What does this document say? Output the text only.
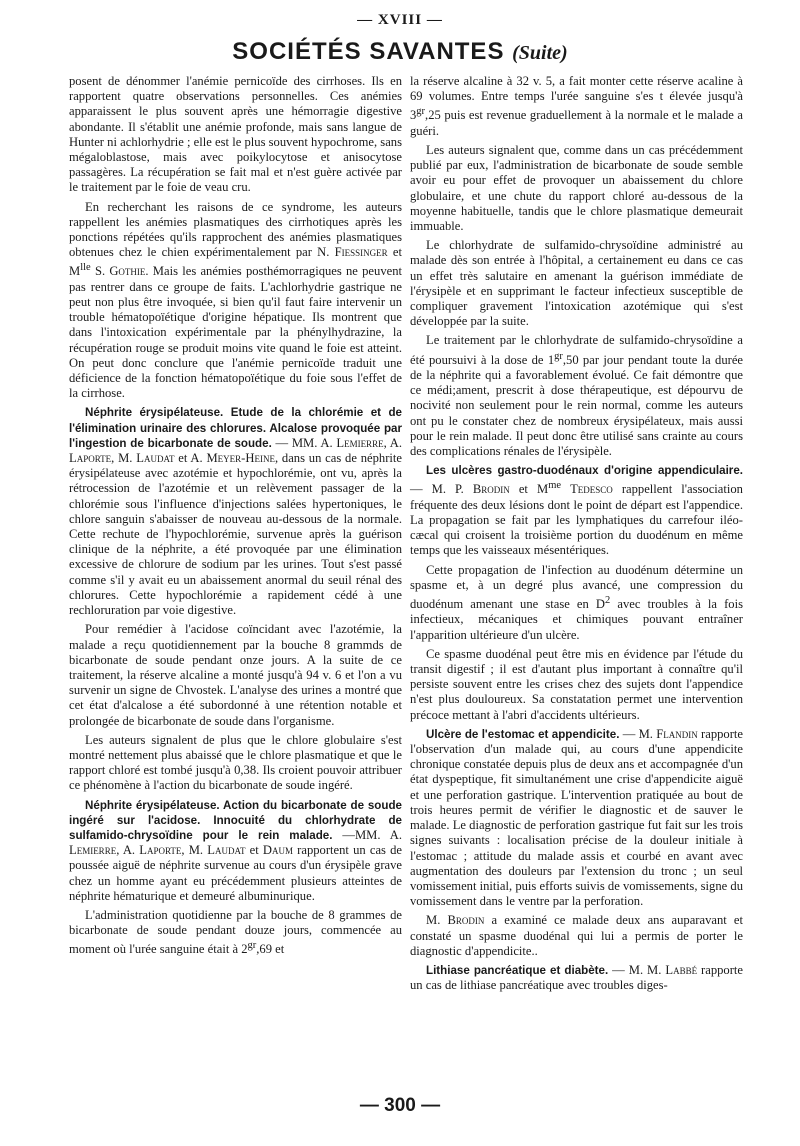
— XVIII —
SOCIÉTÉS SAVANTES (Suite)

posent de dénommer l'anémie pernicoïde des cirrhoses. Ils en rapportent quatre observations personnelles. Ces anémies apparaissent le plus souvent après une hémorragie digestive abondante. Il s'établit une anémie profonde, mais sans langue de Hunter ni achlorhydrie ; elle est le plus souvent hypochrome, sans mégaloblastose, mais avec poikylocytose et anisocytose passagères. La récupération se fait mal et n'est guère activée par le traitement par le foie de veau cru.

En recherchant les raisons de ce syndrome, les auteurs rappellent les anémies plasmatiques des cirrhotiques après les ponctions répétées qu'ils rapprochent des anémies plasmatiques obtenues chez le chien expérimentalement par N. Fiessinger et $M^{lle}$ S. Gothie. Mais les anémies posthémorragiques ne peuvent pas rentrer dans ce groupe de faits. L'achlorhydrie gastrique ne peut non plus être invoquée, si bien qu'il faut faire intervenir un trouble hématopoïétique d'origine hépatique. Ils montrent que dans l'intoxication expérimentale par la phénylhydrazine, la récupération rouge se produit moins vite quand le foie est atteint. On peut donc conclure que l'anémie pernicoïde traduit une déficience de la fonction hématopoïétique du foie sous l'effet de la cirrhose.

Néphrite érysipélateuse. Etude de la chlorémie et de l'élimination urinaire des chlorures. Alcalose provoquée par l'ingestion de bicarbonate de soude. — MM. A. Lemierre, A. Laporte, M. Laudat et A. Meyer-Heine, dans un cas de néphrite érysipélateuse avec azotémie et hypochlorémie, ont vu, après la rétrocession de l'azotémie et un relèvement passager de la chlorémie sous l'influence d'injections salées hypertoniques, le chlore sanguin s'abaisser de nouveau au-dessous de la normale. Cette rechute de l'hypochlorémie, survenue après la guérison clinique de la néphrite, a été provoquée par une élimination excessive de chlorure de sodium par les urines. Tout s'est passé comme s'il y avait eu un abaissement anormal du seuil rénal des chlorures. Cette hypochlorémie a rapidement cédé à une rechloruration par voie digestive.

Pour remédier à l'acidose coïncidant avec l'azotémie, la malade a reçu quotidiennement par la bouche 8 grammds de bicarbonate de soude pendant onze jours. A la suite de ce traitement, la réserve alcaline a monté jusqu'à 94 v. 6 et l'on a vu survenir un signe de Chvostek. L'analyse des urines a montré que cet état d'alcalose a été subordonné à une rétention notable et prolongée de bicarbonate de soude dans l'organisme.

Les auteurs signalent de plus que le chlore globulaire s'est montré nettement plus abaissé que le chlore plasmatique et que le rapport chloré est tombé jusqu'à 0,38. Ils croient pouvoir attribuer ce phénomène à l'action du bicarbonate de soude ingéré.

Néphrite érysipélateuse. Action du bicarbonate de soude ingéré sur l'acidose. Innocuité du chlorhydrate de sulfamido-chrysoïdine pour le rein malade. —MM. A. Lemierre, A. Laporte, M. Laudat et Daum rapportent un cas de poussée aiguë de néphrite survenue au cours d'un érysipèle grave chez un homme ayant eu précédemment plusieurs atteintes de néphrite hématurique et demeuré albuminurique.

L'administration quotidienne par la bouche de 8 grammes de bicarbonate de soude pendant douze jours, commencée au moment où l'urée sanguine était à $2^{gr},69$ et

la réserve alcaline à 32 v. 5, a fait monter cette réserve acaline à 69 volumes. Entre temps l'urée sanguine s'es t élevée jusqu'à $3^{gr},25$ puis est revenue graduellement à la normale et le malade a guéri.

Les auteurs signalent que, comme dans un cas précédemment publié par eux, l'administration de bicarbonate de soude semble avoir eu pour effet de provoquer un abaissement du chlore globulaire, et une chute du rapport chloré au-dessous de la moyenne habituelle, tandis que le chlore plasmatique demeurait immuable.

Le chlorhydrate de sulfamido-chrysoïdine administré au malade dès son entrée à l'hôpital, a certainement eu dans ce cas un effet très salutaire en amenant la guérison immédiate de l'érysipèle et en supprimant le facteur infectieux susceptible de compliquer gravement l'intoxication azotémique qui s'est développée par la suite.

Le traitement par le chlorhydrate de sulfamido-chrysoïdine a été poursuivi à la dose de $1^{gr},50$ par jour pendant toute la durée de la néphrite qui a favorablement évolué. Ce fait démontre que ce médi;ament, prescrit à dose thérapeutique, est dépourvu de nocivité non seulement pour le rein normal, comme les auteurs ont pu le constater chez de nombreux érysipélateux, mais aussi pour le rein malade. Il peut donc être utilisé sans crainte au cours des complications rénales de l'érysipèle.

Les ulcères gastro-duodénaux d'origine appendiculaire. — M. P. Brodin et $M^{me}$ Tedesco rappellent l'association fréquente des deux lésions dont le point de départ est l'appendice. La propagation se fait par les lymphatiques du carrefour iléo-cæcal qui croisent la troisième portion du duodénum en même temps que les vaisseaux mésentériques.

Cette propagation de l'infection au duodénum détermine un spasme et, à un degré plus avancé, une compression du duodénum amenant une stase en $D^2$ avec troubles à la fois infectieux, mécaniques et chimiques pouvant entraîner l'apparition ultérieure d'un ulcère.

Ce spasme duodénal peut être mis en évidence par l'étude du transit digestif ; il est d'autant plus important à connaître qu'il persiste souvent entre les crises chez des sujets dont l'appendice n'est plus douloureux. Sa constatation permet une intervention précoce mettant à l'abri d'accidents ultérieurs.

Ulcère de l'estomac et appendicite. — M. Flandin rapporte l'observation d'un malade qui, au cours d'une appendicite chronique constatée depuis plus de deux ans et accompagnée d'un état dyspeptique, fit simultanément une crise d'appendicite aiguë et une perforation gastrique. L'intervention pratiquée au bout de trois heures permit de vérifier le diagnostic et de sauver le malade. Le diagnostic de perforation gastrique fut fait sur les trois signes suivants : localisation précise de la douleur initiale à l'estomac ; attitude du malade assis et courbé en avant avec augmentation des douleurs par l'extension du tronc ; un seul vomissement initial, puis efforts suivis de vomissements, signe du vomissement dans le ventre par la perforation.

M. Brodin a examiné ce malade deux ans auparavant et constaté un spasme duodénal qui lui a permis de porter le diagnostic d'appendicite..

Lithiase pancréatique et diabète. — M. M. Labbé rapporte un cas de lithiase pancréatique avec troubles diges-

— 300 —
